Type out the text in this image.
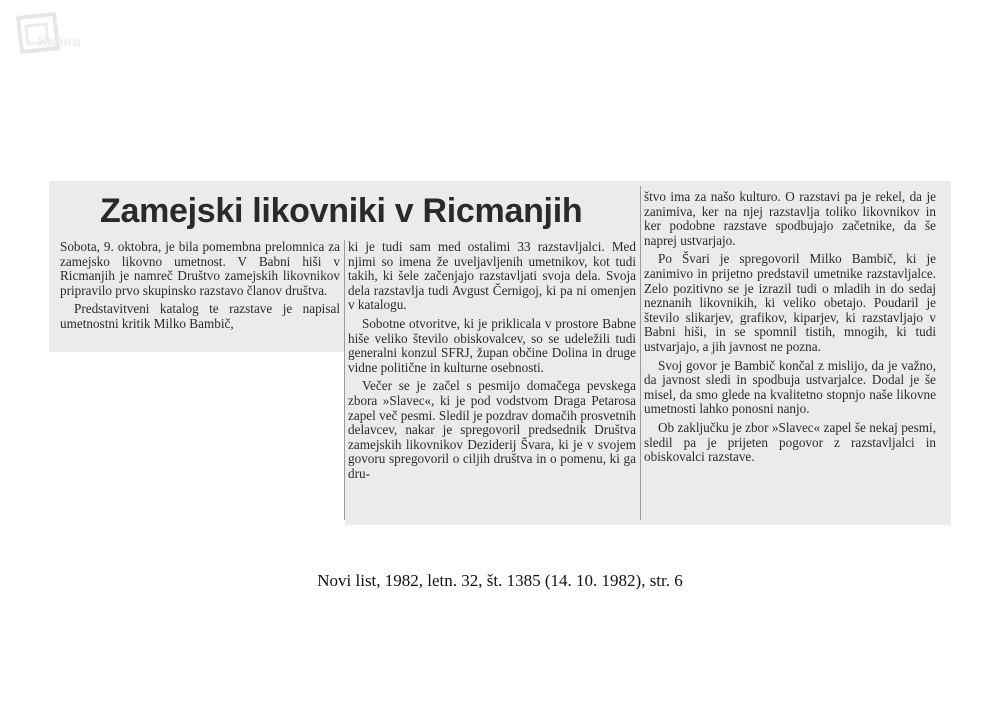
Kamra
Zamejski likovniki v Ricmanjih

Sobota, 9. oktobra, je bila pomembna prelomnica za zamejsko likovno umetnost. V Babni hiši v Ricmanjih je namreč Društvo zamejskih likovnikov pripravilo prvo skupinsko razstavo članov društva.

Predstavitveni katalog te razstave je napisal umetnostni kritik Milko Bambič,

ki je tudi sam med ostalimi 33 razstavljalci. Med njimi so imena že uveljavljenih umetnikov, kot tudi takih, ki šele začenjajo razstavljati svoja dela. Svoja dela razstavlja tudi Avgust Černigoj, ki pa ni omenjen v katalogu.

Sobotne otvoritve, ki je priklicala v prostore Babne hiše veliko število obiskovalcev, so se udeležili tudi generalni konzul SFRJ, župan občine Dolina in druge vidne politične in kulturne osebnosti.

Večer se je začel s pesmijo domačega pevskega zbora »Slavec«, ki je pod vodstvom Draga Petarosa zapel več pesmi. Sledil je pozdrav domačih prosvetnih delavcev, nakar je spregovoril predsednik Društva zamejskih likovnikov Deziderij Švara, ki je v svojem govoru spregovoril o ciljih društva in o pomenu, ki ga dru-

štvo ima za našo kulturo. O razstavi pa je rekel, da je zanimiva, ker na njej razstavlja toliko likovnikov in ker podobne razstave spodbujajo začetnike, da še naprej ustvarjajo.

Po Švari je spregovoril Milko Bambič, ki je zanimivo in prijetno predstavil umetnike razstavljalce. Zelo pozitivno se je izrazil tudi o mladih in do sedaj neznanih likovnikih, ki veliko obetajo. Poudaril je število slikarjev, grafikov, kiparjev, ki razstavljajo v Babni hiši, in se spomnil tistih, mnogih, ki tudi ustvarjajo, a jih javnost ne pozna.

Svoj govor je Bambič končal z mislijo, da je važno, da javnost sledi in spodbuja ustvarjalce. Dodal je še misel, da smo glede na kvalitetno stopnjo naše likovne umetnosti lahko ponosni nanjo.

Ob zaključku je zbor »Slavec« zapel še nekaj pesmi, sledil pa je prijeten pogovor z razstavljalci in obiskovalci razstave.

Novi list, 1982, letn. 32, št. 1385 (14. 10. 1982), str. 6
